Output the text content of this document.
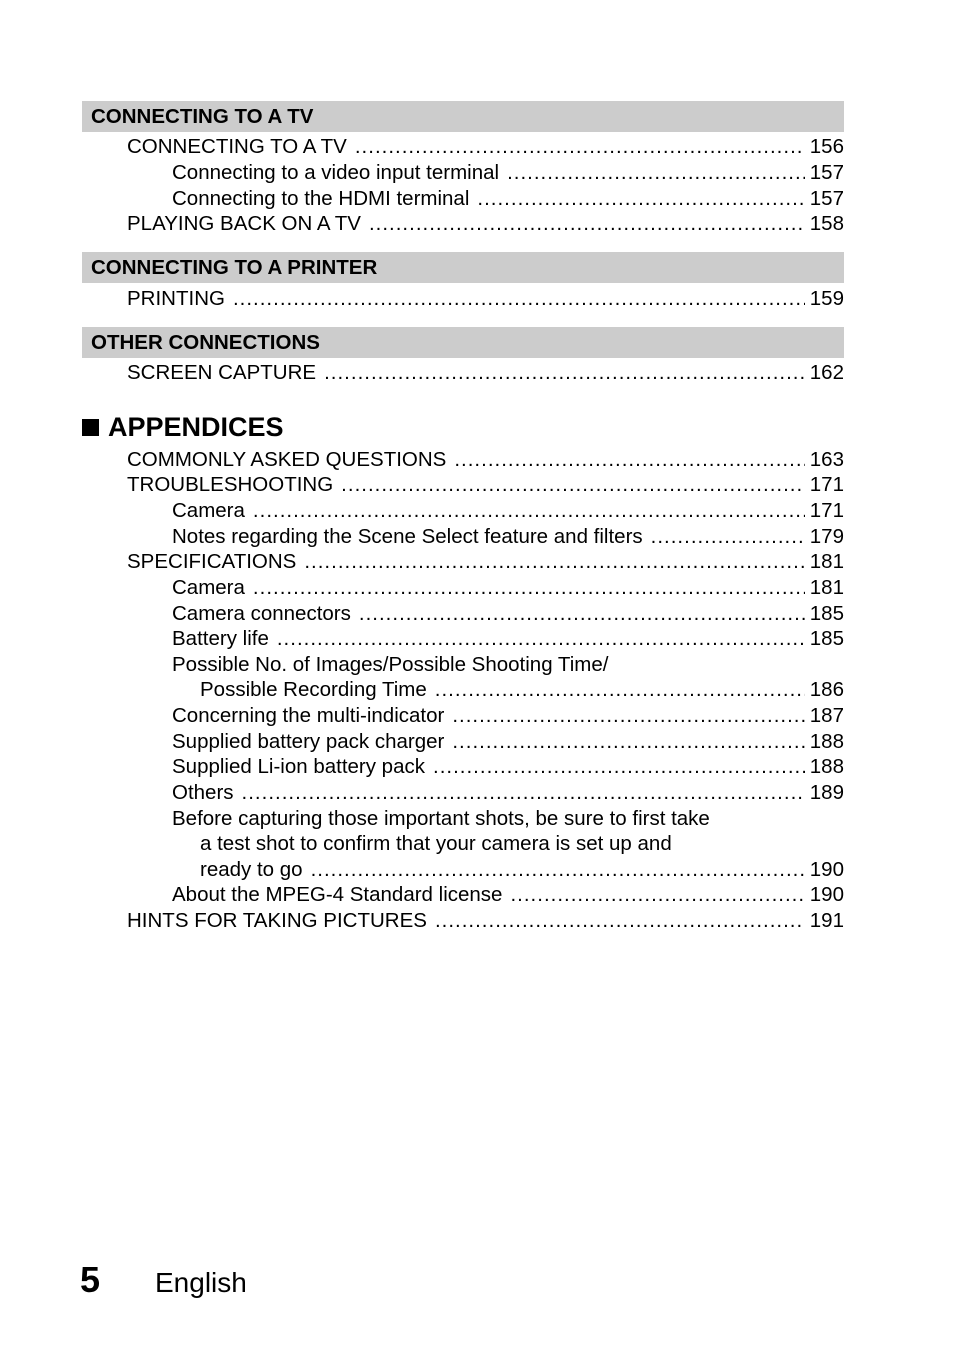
CONNECTING TO A TV
CONNECTING TO A TV .....	156
Connecting to a video input terminal .....	157
Connecting to the HDMI terminal .....	157
PLAYING BACK ON A TV .....	158
CONNECTING TO A PRINTER
PRINTING .....	159
OTHER CONNECTIONS
SCREEN CAPTURE .....	162
APPENDICES
COMMONLY ASKED QUESTIONS .....	163
TROUBLESHOOTING .....	171
Camera .....	171
Notes regarding the Scene Select feature and filters .....	179
SPECIFICATIONS .....	181
Camera .....	181
Camera connectors .....	185
Battery life .....	185
Possible No. of Images/Possible Shooting Time/
Possible Recording Time .....	186
Concerning the multi-indicator .....	187
Supplied battery pack charger .....	188
Supplied Li-ion battery pack .....	188
Others .....	189
Before capturing those important shots, be sure to first take
a test shot to confirm that your camera is set up and
ready to go .....	190
About the MPEG-4 Standard license .....	190
HINTS FOR TAKING PICTURES .....	191
5 English
